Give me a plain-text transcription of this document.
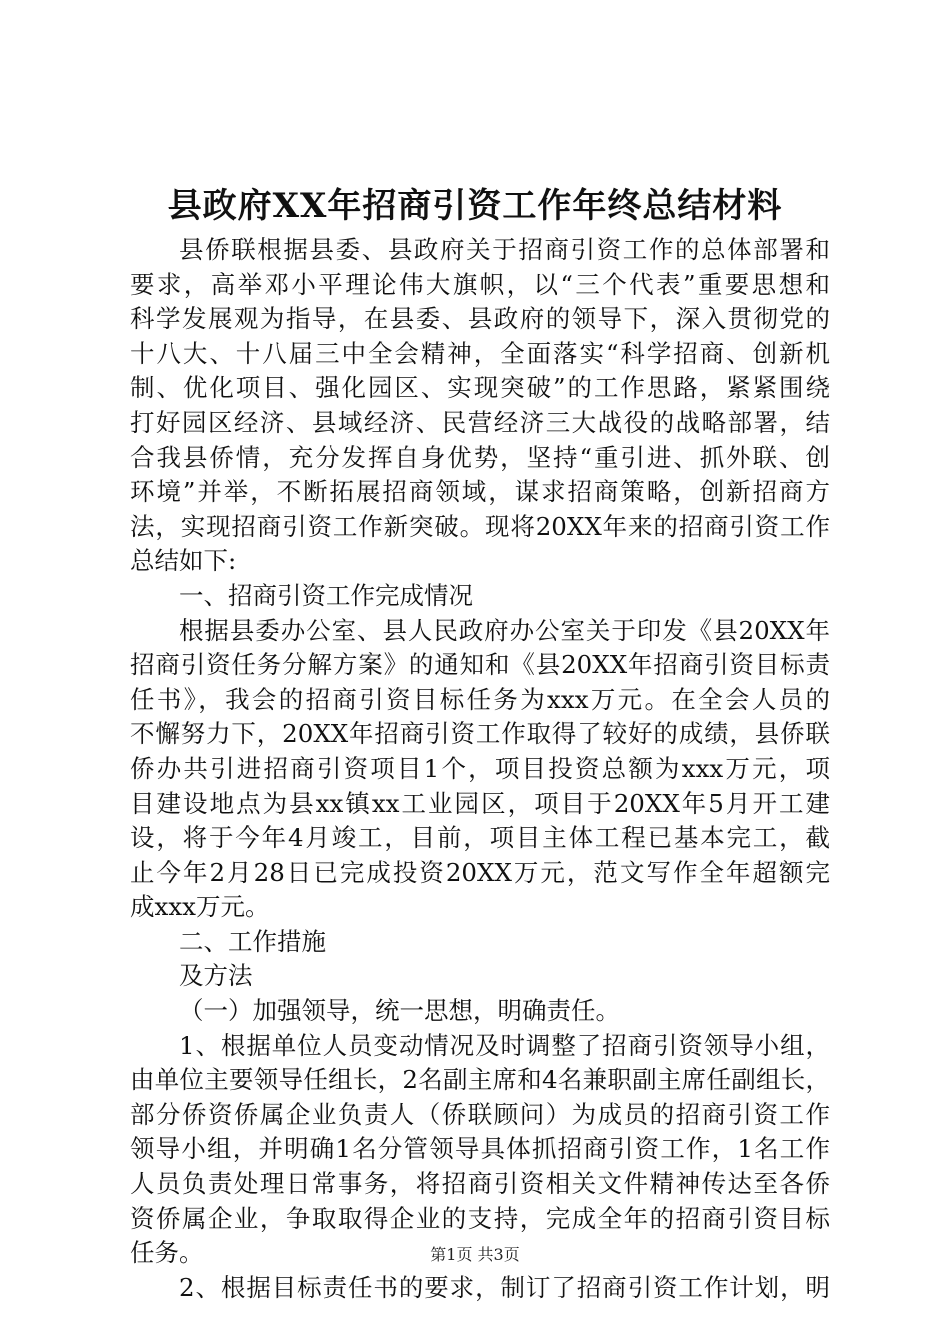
县政府XX年招商引资工作年终总结材料
县侨联根据县委、县政府关于招商引资工作的总体部署和
要求，高举邓小平理论伟大旗帜，以“三个代表”重要思想和
科学发展观为指导，在县委、县政府的领导下，深入贯彻党的
十八大、十八届三中全会精神，全面落实“科学招商、创新机
制、优化项目、强化园区、实现突破”的工作思路，紧紧围绕
打好园区经济、县域经济、民营经济三大战役的战略部署，结
合我县侨情，充分发挥自身优势，坚持“重引进、抓外联、创
环境”并举，不断拓展招商领域，谋求招商策略，创新招商方
法，实现招商引资工作新突破。现将20XX年来的招商引资工作
总结如下:
一、招商引资工作完成情况
根据县委办公室、县人民政府办公室关于印发《县20XX年
招商引资任务分解方案》的通知和《县20XX年招商引资目标责
任书》，我会的招商引资目标任务为xxx万元。在全会人员的
不懈努力下，20XX年招商引资工作取得了较好的成绩，县侨联
侨办共引进招商引资项目1个，项目投资总额为xxx万元，项
目建设地点为县xx镇xx工业园区，项目于20XX年5月开工建
设，将于今年4月竣工，目前，项目主体工程已基本完工，截
止今年2月28日已完成投资20XX万元，范文写作全年超额完
成xxx万元。
二、工作措施
及方法
（一）加强领导，统一思想，明确责任。
1、根据单位人员变动情况及时调整了招商引资领导小组，
由单位主要领导任组长，2名副主席和4名兼职副主席任副组长，
部分侨资侨属企业负责人（侨联顾问）为成员的招商引资工作
领导小组，并明确1名分管领导具体抓招商引资工作，1名工作
人员负责处理日常事务，将招商引资相关文件精神传达至各侨
资侨属企业，争取取得企业的支持，完成全年的招商引资目标
任务。
2、根据目标责任书的要求，制订了招商引资工作计划，明
第1页 共3页
